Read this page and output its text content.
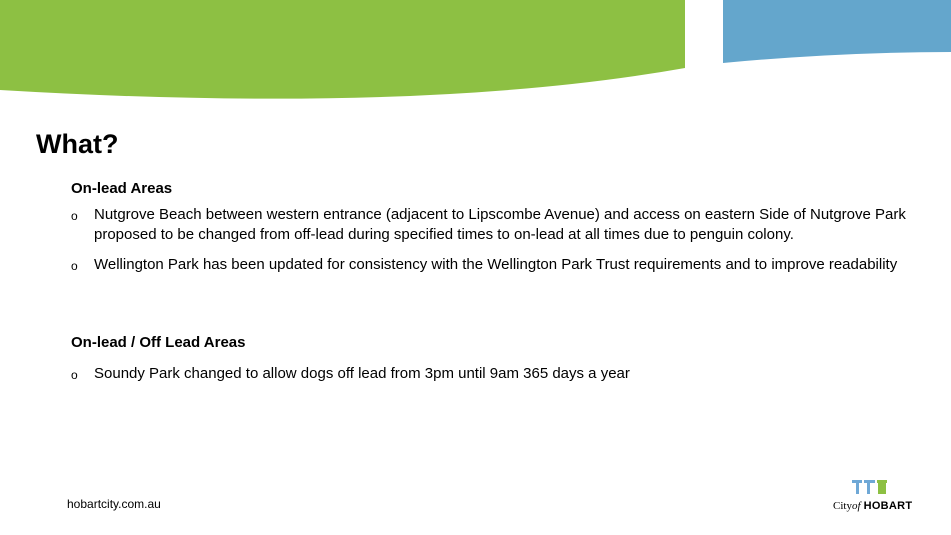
What?
On-lead Areas
o Nutgrove Beach between western entrance (adjacent to Lipscombe Avenue) and access on eastern Side of Nutgrove Park proposed to be changed from off-lead during specified times to on-lead at all times due to penguin colony.
o Wellington Park has been updated for consistency with the Wellington Park Trust requirements and to improve readability
On-lead / Off Lead Areas
o Soundy Park changed to allow dogs off lead from 3pm until 9am 365 days a year
hobartcity.com.au	Cityof HOBART
